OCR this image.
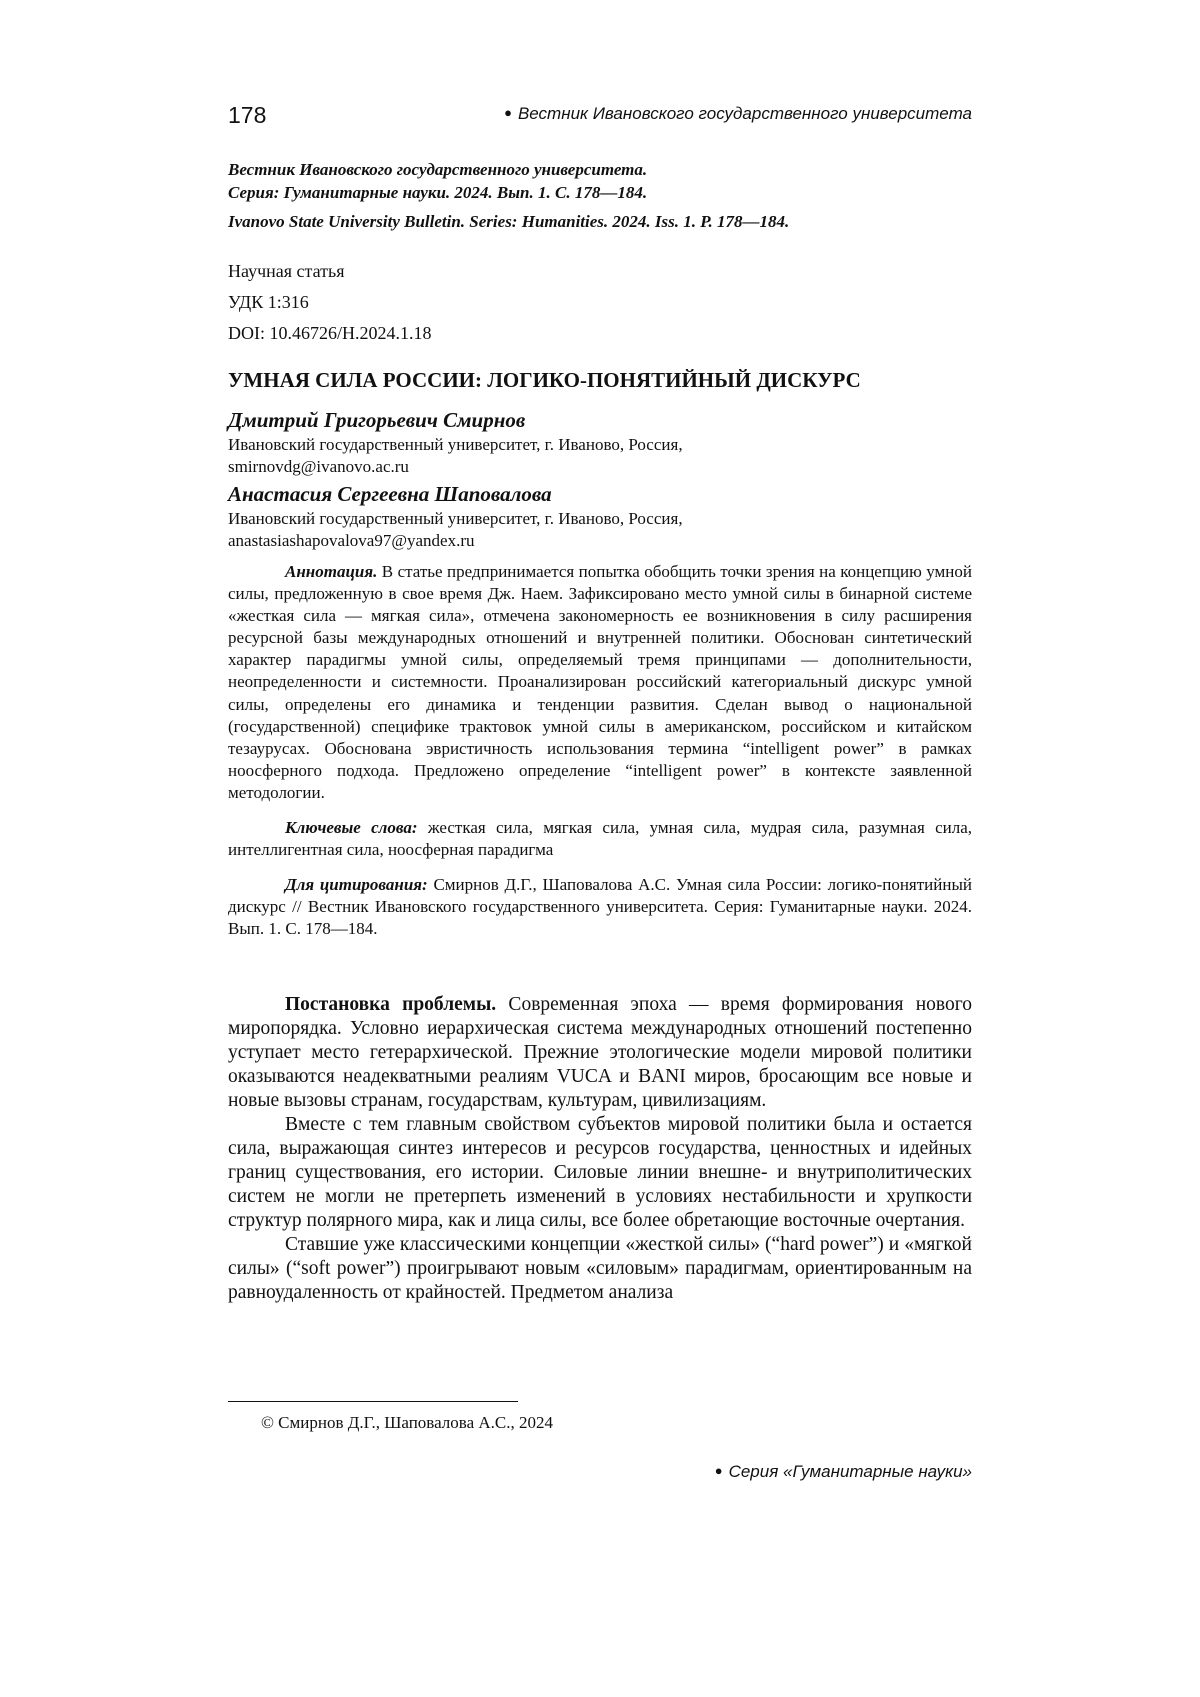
178	● Вестник Ивановского государственного университета
Вестник Ивановского государственного университета.
Серия: Гуманитарные науки. 2024. Вып. 1. С. 178—184.
Ivanovo State University Bulletin. Series: Humanities. 2024. Iss. 1. P. 178—184.
Научная статья
УДК 1:316
DOI: 10.46726/H.2024.1.18
УМНАЯ СИЛА РОССИИ: ЛОГИКО-ПОНЯТИЙНЫЙ ДИСКУРС
Дмитрий Григорьевич Смирнов
Ивановский государственный университет, г. Иваново, Россия,
smirnovdg@ivanovo.ac.ru
Анастасия Сергеевна Шаповалова
Ивановский государственный университет, г. Иваново, Россия,
anastasiashapovalova97@yandex.ru

Аннотация. В статье предпринимается попытка обобщить точки зрения на концепцию умной силы, предложенную в свое время Дж. Наем. Зафиксировано место умной силы в бинарной системе «жесткая сила — мягкая сила», отмечена закономерность ее возникновения в силу расширения ресурсной базы международных отношений и внутренней политики. Обоснован синтетический характер парадигмы умной силы, определяемый тремя принципами — дополнительности, неопределенности и системности. Проанализирован российский категориальный дискурс умной силы, определены его динамика и тенденции развития. Сделан вывод о национальной (государственной) специфике трактовок умной силы в американском, российском и китайском тезаурусах. Обоснована эвристичность использования термина “intelligent power” в рамках ноосферного подхода. Предложено определение “intelligent power” в контексте заявленной методологии.

Ключевые слова: жесткая сила, мягкая сила, умная сила, мудрая сила, разумная сила, интеллигентная сила, ноосферная парадигма

Для цитирования: Смирнов Д.Г., Шаповалова А.С. Умная сила России: логико-понятийный дискурс // Вестник Ивановского государственного университета. Серия: Гуманитарные науки. 2024. Вып. 1. С. 178—184.

Постановка проблемы. Современная эпоха — время формирования нового миропорядка. Условно иерархическая система международных отношений постепенно уступает место гетерархической. Прежние этологические модели мировой политики оказываются неадекватными реалиям VUCA и BANI миров, бросающим все новые и новые вызовы странам, государствам, культурам, цивилизациям.

Вместе с тем главным свойством субъектов мировой политики была и остается сила, выражающая синтез интересов и ресурсов государства, ценностных и идейных границ существования, его истории. Силовые линии внешне- и внутриполитических систем не могли не претерпеть изменений в условиях нестабильности и хрупкости структур полярного мира, как и лица силы, все более обретающие восточные очертания.

Ставшие уже классическими концепции «жесткой силы» (“hard power”) и «мягкой силы» (“soft power”) проигрывают новым «силовым» парадигмам, ориентированным на равноудаленность от крайностей. Предметом анализа

© Смирнов Д.Г., Шаповалова А.С., 2024
● Серия «Гуманитарные науки»
